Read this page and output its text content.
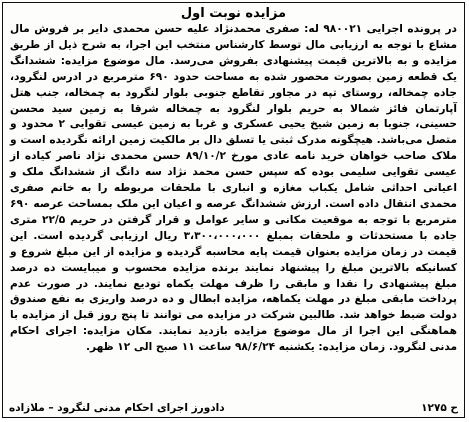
مزایده نوبت اول

در پرونده اجرایی ۹۸۰۰۲۱ له: صفری محمدنژاد علیه حسن محمدی دایر بر فروش مال مشاع با توجه به ارزیابی مال توسط کارشناس منتخب این اجرا، به شرح ذیل از طریق مزایده و به بالاترین قیمت پیشنهادی بفروش می‌رسد. مال موضوع مزایده: ششدانگ یک قطعه زمین بصورت محصور شده به مساحت حدود ۶۹۰ مترمربع در ادرس لنگرود، جاده چمخاله، روستای تپه در مجاور تقاطع جنوبی بلوار لنگرود به چمخاله، جنب هتل آپارتمان فائز شمالا به حریم بلوار لنگرود به چمخاله شرقا به زمین سید محسن حسینی، جنوبا به زمین شیخ یحیی عسکری و غربا به زمین عیسی تقوایی ۲ محدود و متصل می‌باشد. هیچگونه مدرک ثبتی یا تسلق دال بر مالکیت زمین ارائه نگردیده است و ملاک صاحب خواهان خرید نامه عادی مورخ ۸۹/۱۰/۲ حسن محمدی نژاد ناصر کیاده از عیسی تقوایی سلیمی بوده که سپس حسن محمد نژاد سه دانگ از ششدانگ ملک و اعیانی احداثی شامل یکباب مغازه و انباری با ملحقات مربوطه را به خانم صفری محمدی انتقال داده است. ارزش ششدانگ عرصه و اعیان این ملک بمساحت عرصه ۶۹۰ مترمربع با توجه به موقعیت مکانی و سایر عوامل و قرار گرفتن در حریم ۲۲/۵ متری جاده با مستحدثات و ملحقات بمبلغ ۳،۳۰۰،۰۰۰،۰۰۰ ریال ارزیابی گردیده است. این قیمت در زمان مزایده بعنوان قیمت پایه محاسبه گردیده و مزایده از این مبلغ شروع و کسانیکه بالاترین مبلغ را پیشنهاد نمایند برنده مزایده محسوب و میبایست ده درصد مبلغ پیشنهادی را نقدا و مابقی را ظرف مهلت یکماه تودیع نمایند. در صورت عدم پرداخت مابقی مبلغ در مهلت یکماهه، مزایده ابطال و ده درصد واریزی به نفع صندوق دولت ضبط خواهد شد. طالبین شرکت در مزایده می توانند تا پنج روز قبل از مزایده با هماهنگی این اجرا از مال موضوع مزایده بازدید نمایند. مکان مزایده: اجرای احکام مدنی لنگرود. زمان مزایده: یکشنبه ۹۸/۶/۲۴ ساعت ۱۱ صبح الی ۱۲ ظهر.

ح ۱۲۷۵
دادورز اجرای احکام مدنی لنگرود – ملازاده
